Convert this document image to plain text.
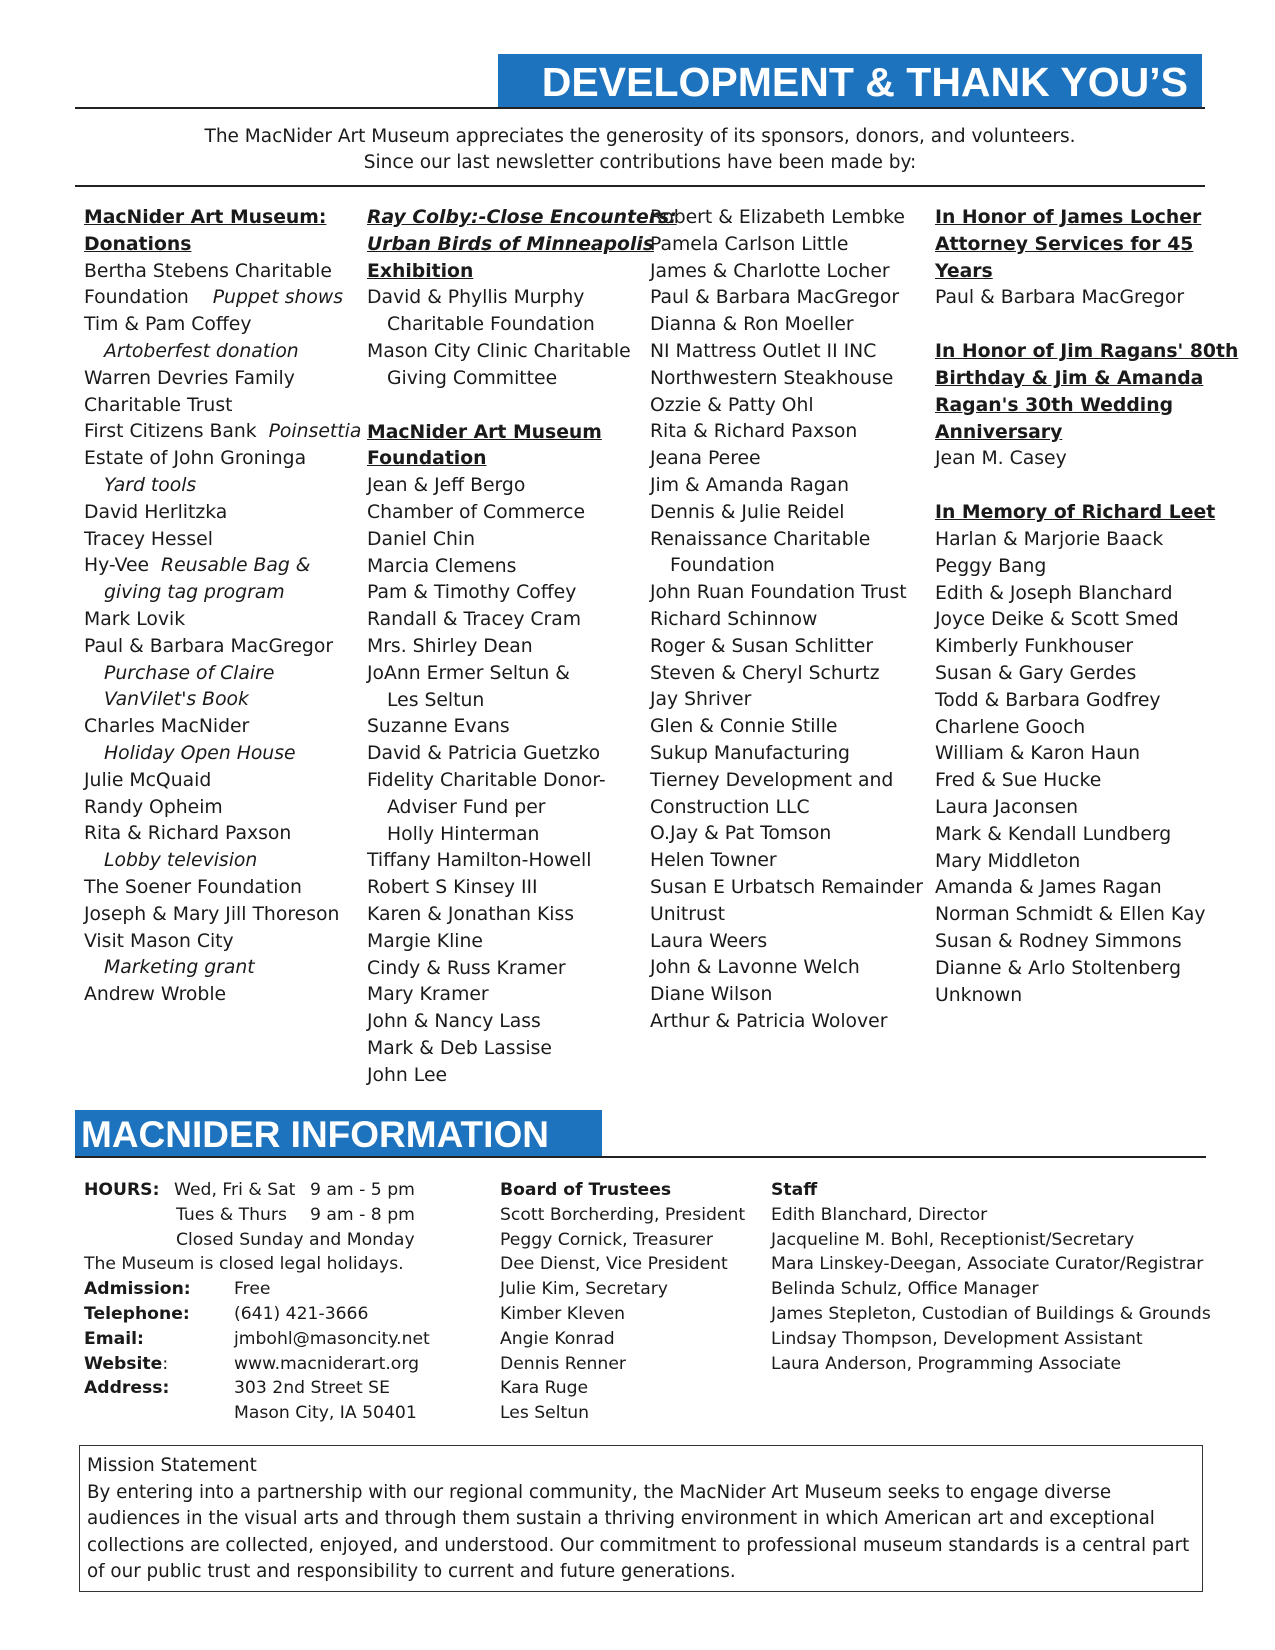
DEVELOPMENT & THANK YOU’S
The MacNider Art Museum appreciates the generosity of its sponsors, donors, and volunteers.
Since our last newsletter contributions have been made by:

MacNider Art Museum:

Donations

Bertha Stebens Charitable

Foundation Puppet shows

Tim & Pam Coffey

Artoberfest donation

Warren Devries Family

Charitable Trust

First Citizens Bank Poinsettia

Estate of John Groninga

Yard tools

David Herlitzka

Tracey Hessel

Hy-Vee Reusable Bag &

giving tag program

Mark Lovik

Paul & Barbara MacGregor

Purchase of Claire

VanVilet's Book

Charles MacNider

Holiday Open House

Julie McQuaid

Randy Opheim

Rita & Richard Paxson

Lobby television

The Soener Foundation

Joseph & Mary Jill Thoreson

Visit Mason City

Marketing grant

Andrew Wroble

Ray Colby:-Close Encounters:

Urban Birds of Minneapolis

Exhibition

David & Phyllis Murphy

Charitable Foundation

Mason City Clinic Charitable

Giving Committee

MacNider Art Museum

Foundation

Jean & Jeff Bergo

Chamber of Commerce

Daniel Chin

Marcia Clemens

Pam & Timothy Coffey

Randall & Tracey Cram

Mrs. Shirley Dean

JoAnn Ermer Seltun &

Les Seltun

Suzanne Evans

David & Patricia Guetzko

Fidelity Charitable Donor-

Adviser Fund per

Holly Hinterman

Tiffany Hamilton-Howell

Robert S Kinsey III

Karen & Jonathan Kiss

Margie Kline

Cindy & Russ Kramer

Mary Kramer

John & Nancy Lass

Mark & Deb Lassise

John Lee

Robert & Elizabeth Lembke

Pamela Carlson Little

James & Charlotte Locher

Paul & Barbara MacGregor

Dianna & Ron Moeller

NI Mattress Outlet II INC

Northwestern Steakhouse

Ozzie & Patty Ohl

Rita & Richard Paxson

Jeana Peree

Jim & Amanda Ragan

Dennis & Julie Reidel

Renaissance Charitable

Foundation

John Ruan Foundation Trust

Richard Schinnow

Roger & Susan Schlitter

Steven & Cheryl Schurtz

Jay Shriver

Glen & Connie Stille

Sukup Manufacturing

Tierney Development and

Construction LLC

O.Jay & Pat Tomson

Helen Towner

Susan E Urbatsch Remainder

Unitrust

Laura Weers

John & Lavonne Welch

Diane Wilson

Arthur & Patricia Wolover

In Honor of James Locher

Attorney Services for 45

Years

Paul & Barbara MacGregor

In Honor of Jim Ragans' 80th

Birthday & Jim & Amanda

Ragan's 30th Wedding

Anniversary

Jean M. Casey

In Memory of Richard Leet

Harlan & Marjorie Baack

Peggy Bang

Edith & Joseph Blanchard

Joyce Deike & Scott Smed

Kimberly Funkhouser

Susan & Gary Gerdes

Todd & Barbara Godfrey

Charlene Gooch

William & Karon Haun

Fred & Sue Hucke

Laura Jaconsen

Mark & Kendall Lundberg

Mary Middleton

Amanda & James Ragan

Norman Schmidt & Ellen Kay

Susan & Rodney Simmons

Dianne & Arlo Stoltenberg

Unknown

MACNIDER INFORMATION

HOURS: Wed, Fri & Sat 9 am - 5 pm

Tues & Thurs 9 am - 8 pm

Closed Sunday and Monday

The Museum is closed legal holidays.

Admission:	Free

Telephone:	(641) 421-3666

Email:	jmbohl@masoncity.net

Website:	www.macniderart.org

Address:	303 2nd Street SE

Mason City, IA 50401

Board of Trustees

Scott Borcherding, President

Peggy Cornick, Treasurer

Dee Dienst, Vice President

Julie Kim, Secretary

Kimber Kleven

Angie Konrad

Dennis Renner

Kara Ruge

Les Seltun

Staff

Edith Blanchard, Director

Jacqueline M. Bohl, Receptionist/Secretary

Mara Linskey-Deegan, Associate Curator/Registrar

Belinda Schulz, Office Manager

James Stepleton, Custodian of Buildings & Grounds

Lindsay Thompson, Development Assistant

Laura Anderson, Programming Associate

Mission Statement

By entering into a partnership with our regional community, the MacNider Art Museum seeks to engage diverse audiences in the visual arts and through them sustain a thriving environment in which American art and exceptional collections are collected, enjoyed, and understood. Our commitment to professional museum standards is a central part of our public trust and responsibility to current and future generations.
